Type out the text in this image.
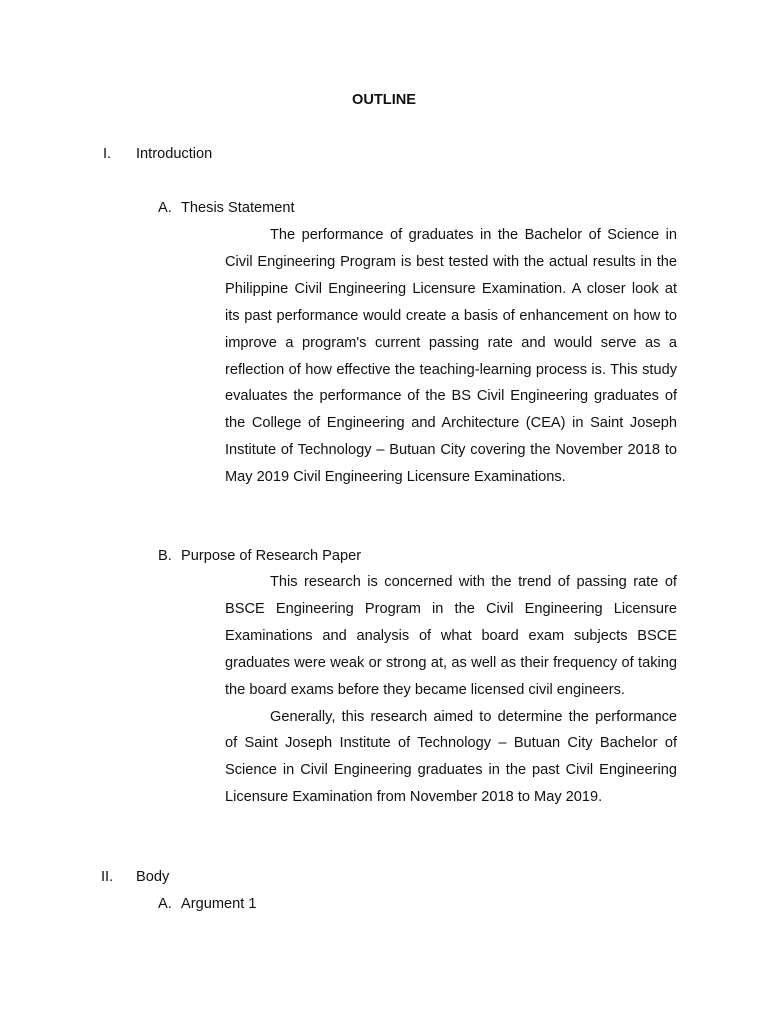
OUTLINE
I.	Introduction
A. Thesis Statement

The performance of graduates in the Bachelor of Science in Civil Engineering Program is best tested with the actual results in the Philippine Civil Engineering Licensure Examination. A closer look at its past performance would create a basis of enhancement on how to improve a program's current passing rate and would serve as a reflection of how effective the teaching-learning process is. This study evaluates the performance of the BS Civil Engineering graduates of the College of Engineering and Architecture (CEA) in Saint Joseph Institute of Technology – Butuan City covering the November 2018 to May 2019 Civil Engineering Licensure Examinations.

B. Purpose of Research Paper

This research is concerned with the trend of passing rate of BSCE Engineering Program in the Civil Engineering Licensure Examinations and analysis of what board exam subjects BSCE graduates were weak or strong at, as well as their frequency of taking the board exams before they became licensed civil engineers.

Generally, this research aimed to determine the performance of Saint Joseph Institute of Technology – Butuan City Bachelor of Science in Civil Engineering graduates in the past Civil Engineering Licensure Examination from November 2018 to May 2019.

II.	Body
A. Argument 1
